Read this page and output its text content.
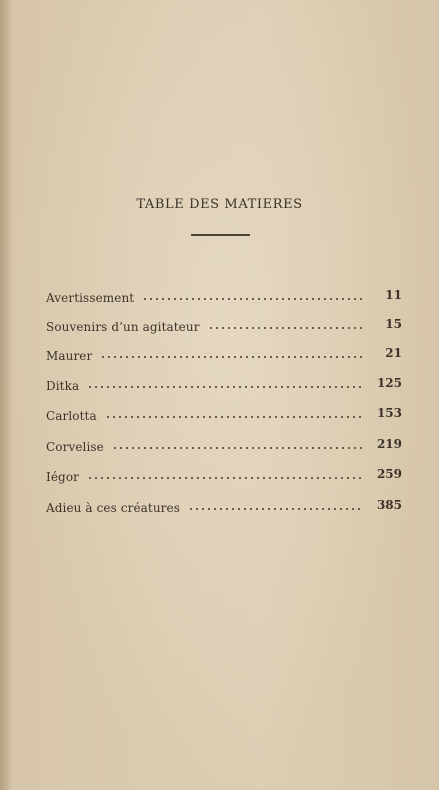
TABLE DES MATIERES
Avertissement	11
Souvenirs d’un agitateur	15
Maurer	21
Ditka	125
Carlotta	153
Corvelise	219
Iégor	259
Adieu à ces créatures	385
